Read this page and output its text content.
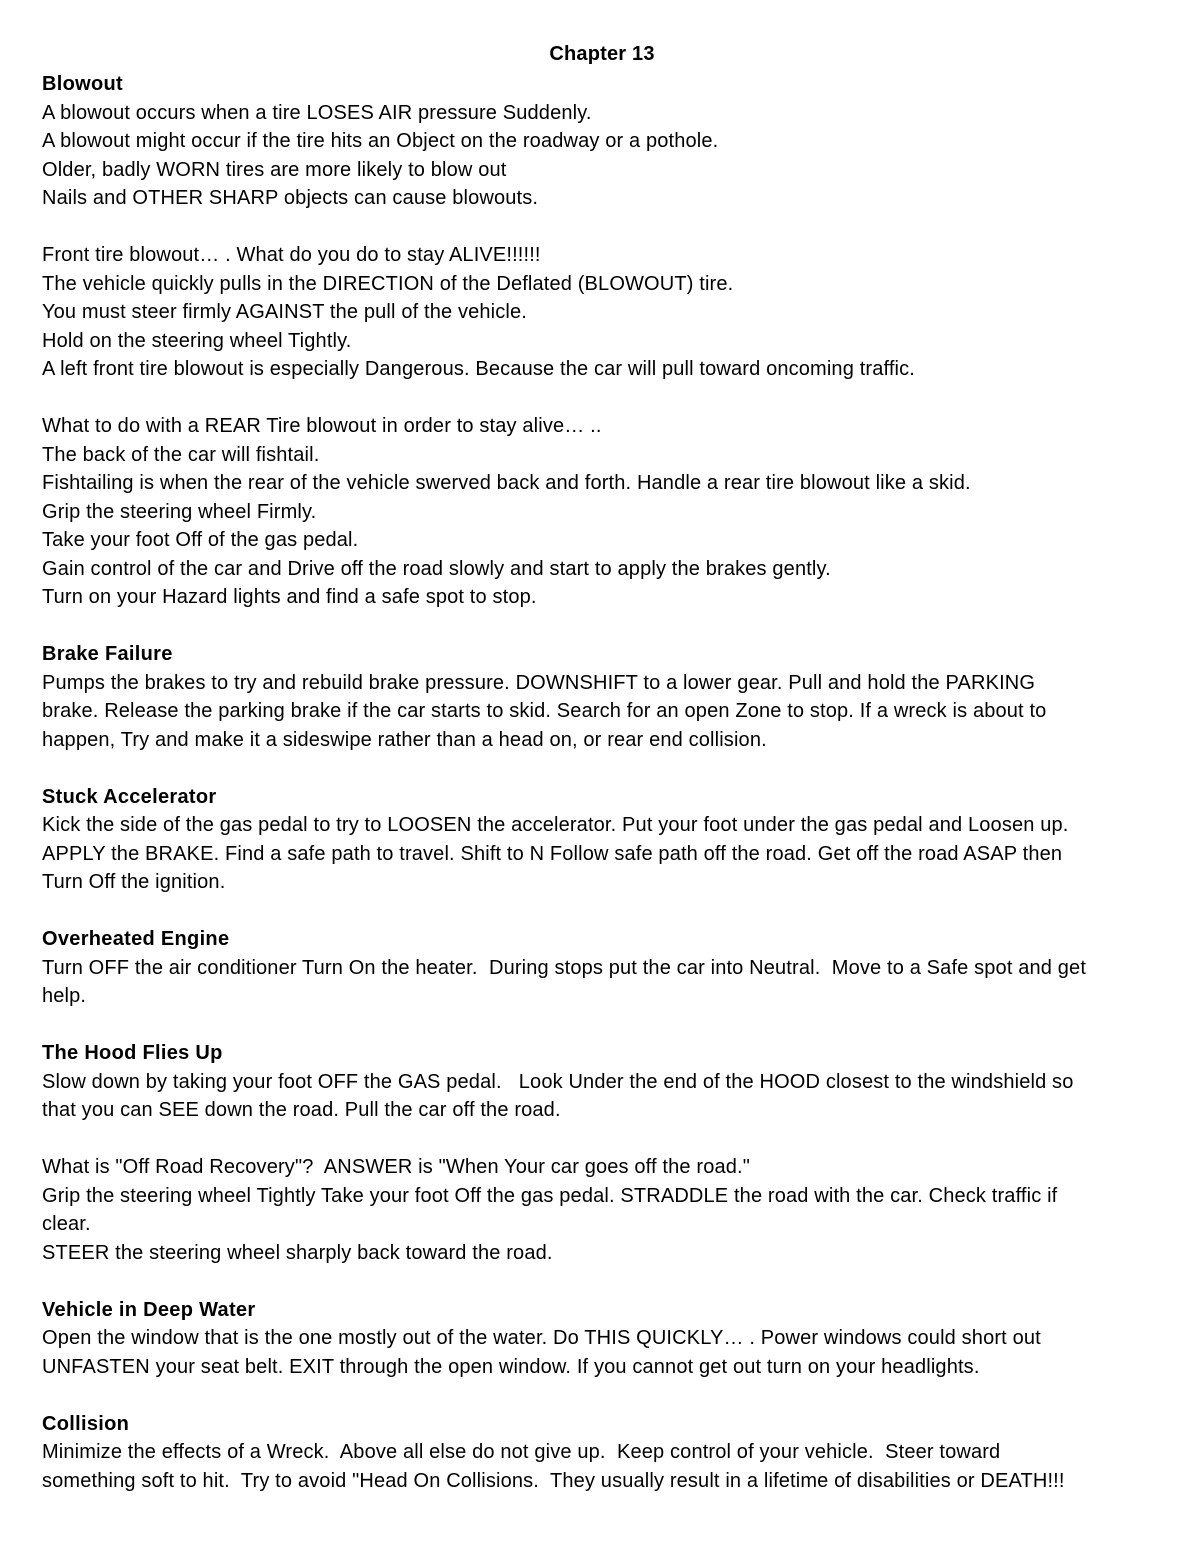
Chapter 13

Blowout

A blowout occurs when a tire LOSES AIR pressure Suddenly.

A blowout might occur if the tire hits an Object on the roadway or a pothole.

Older, badly WORN tires are more likely to blow out

Nails and OTHER SHARP objects can cause blowouts.

Front tire blowout… . What do you do to stay ALIVE!!!!!!

The vehicle quickly pulls in the DIRECTION of the Deflated (BLOWOUT) tire.

You must steer firmly AGAINST the pull of the vehicle.

Hold on the steering wheel Tightly.

A left front tire blowout is especially Dangerous. Because the car will pull toward oncoming traffic.

What to do with a REAR Tire blowout in order to stay alive… ..

The back of the car will fishtail.

Fishtailing is when the rear of the vehicle swerved back and forth. Handle a rear tire blowout like a skid.

Grip the steering wheel Firmly.

Take your foot Off of the gas pedal.

Gain control of the car and Drive off the road slowly and start to apply the brakes gently.

Turn on your Hazard lights and find a safe spot to stop.

Brake Failure

Pumps the brakes to try and rebuild brake pressure. DOWNSHIFT to a lower gear. Pull and hold the PARKING

brake. Release the parking brake if the car starts to skid. Search for an open Zone to stop. If a wreck is about to

happen, Try and make it a sideswipe rather than a head on, or rear end collision.

Stuck Accelerator

Kick the side of the gas pedal to try to LOOSEN the accelerator. Put your foot under the gas pedal and Loosen up.

APPLY the BRAKE. Find a safe path to travel. Shift to N Follow safe path off the road. Get off the road ASAP then

Turn Off the ignition.

Overheated Engine

Turn OFF the air conditioner Turn On the heater.  During stops put the car into Neutral.  Move to a Safe spot and get

help.

The Hood Flies Up

Slow down by taking your foot OFF the GAS pedal.   Look Under the end of the HOOD closest to the windshield so

that you can SEE down the road. Pull the car off the road.

What is "Off Road Recovery"?  ANSWER is "When Your car goes off the road."

Grip the steering wheel Tightly Take your foot Off the gas pedal. STRADDLE the road with the car. Check traffic if

clear.

STEER the steering wheel sharply back toward the road.

Vehicle in Deep Water

Open the window that is the one mostly out of the water. Do THIS QUICKLY… . Power windows could short out

UNFASTEN your seat belt. EXIT through the open window. If you cannot get out turn on your headlights.

Collision

Minimize the effects of a Wreck.  Above all else do not give up.  Keep control of your vehicle.  Steer toward

something soft to hit.  Try to avoid "Head On Collisions.  They usually result in a lifetime of disabilities or DEATH!!!
